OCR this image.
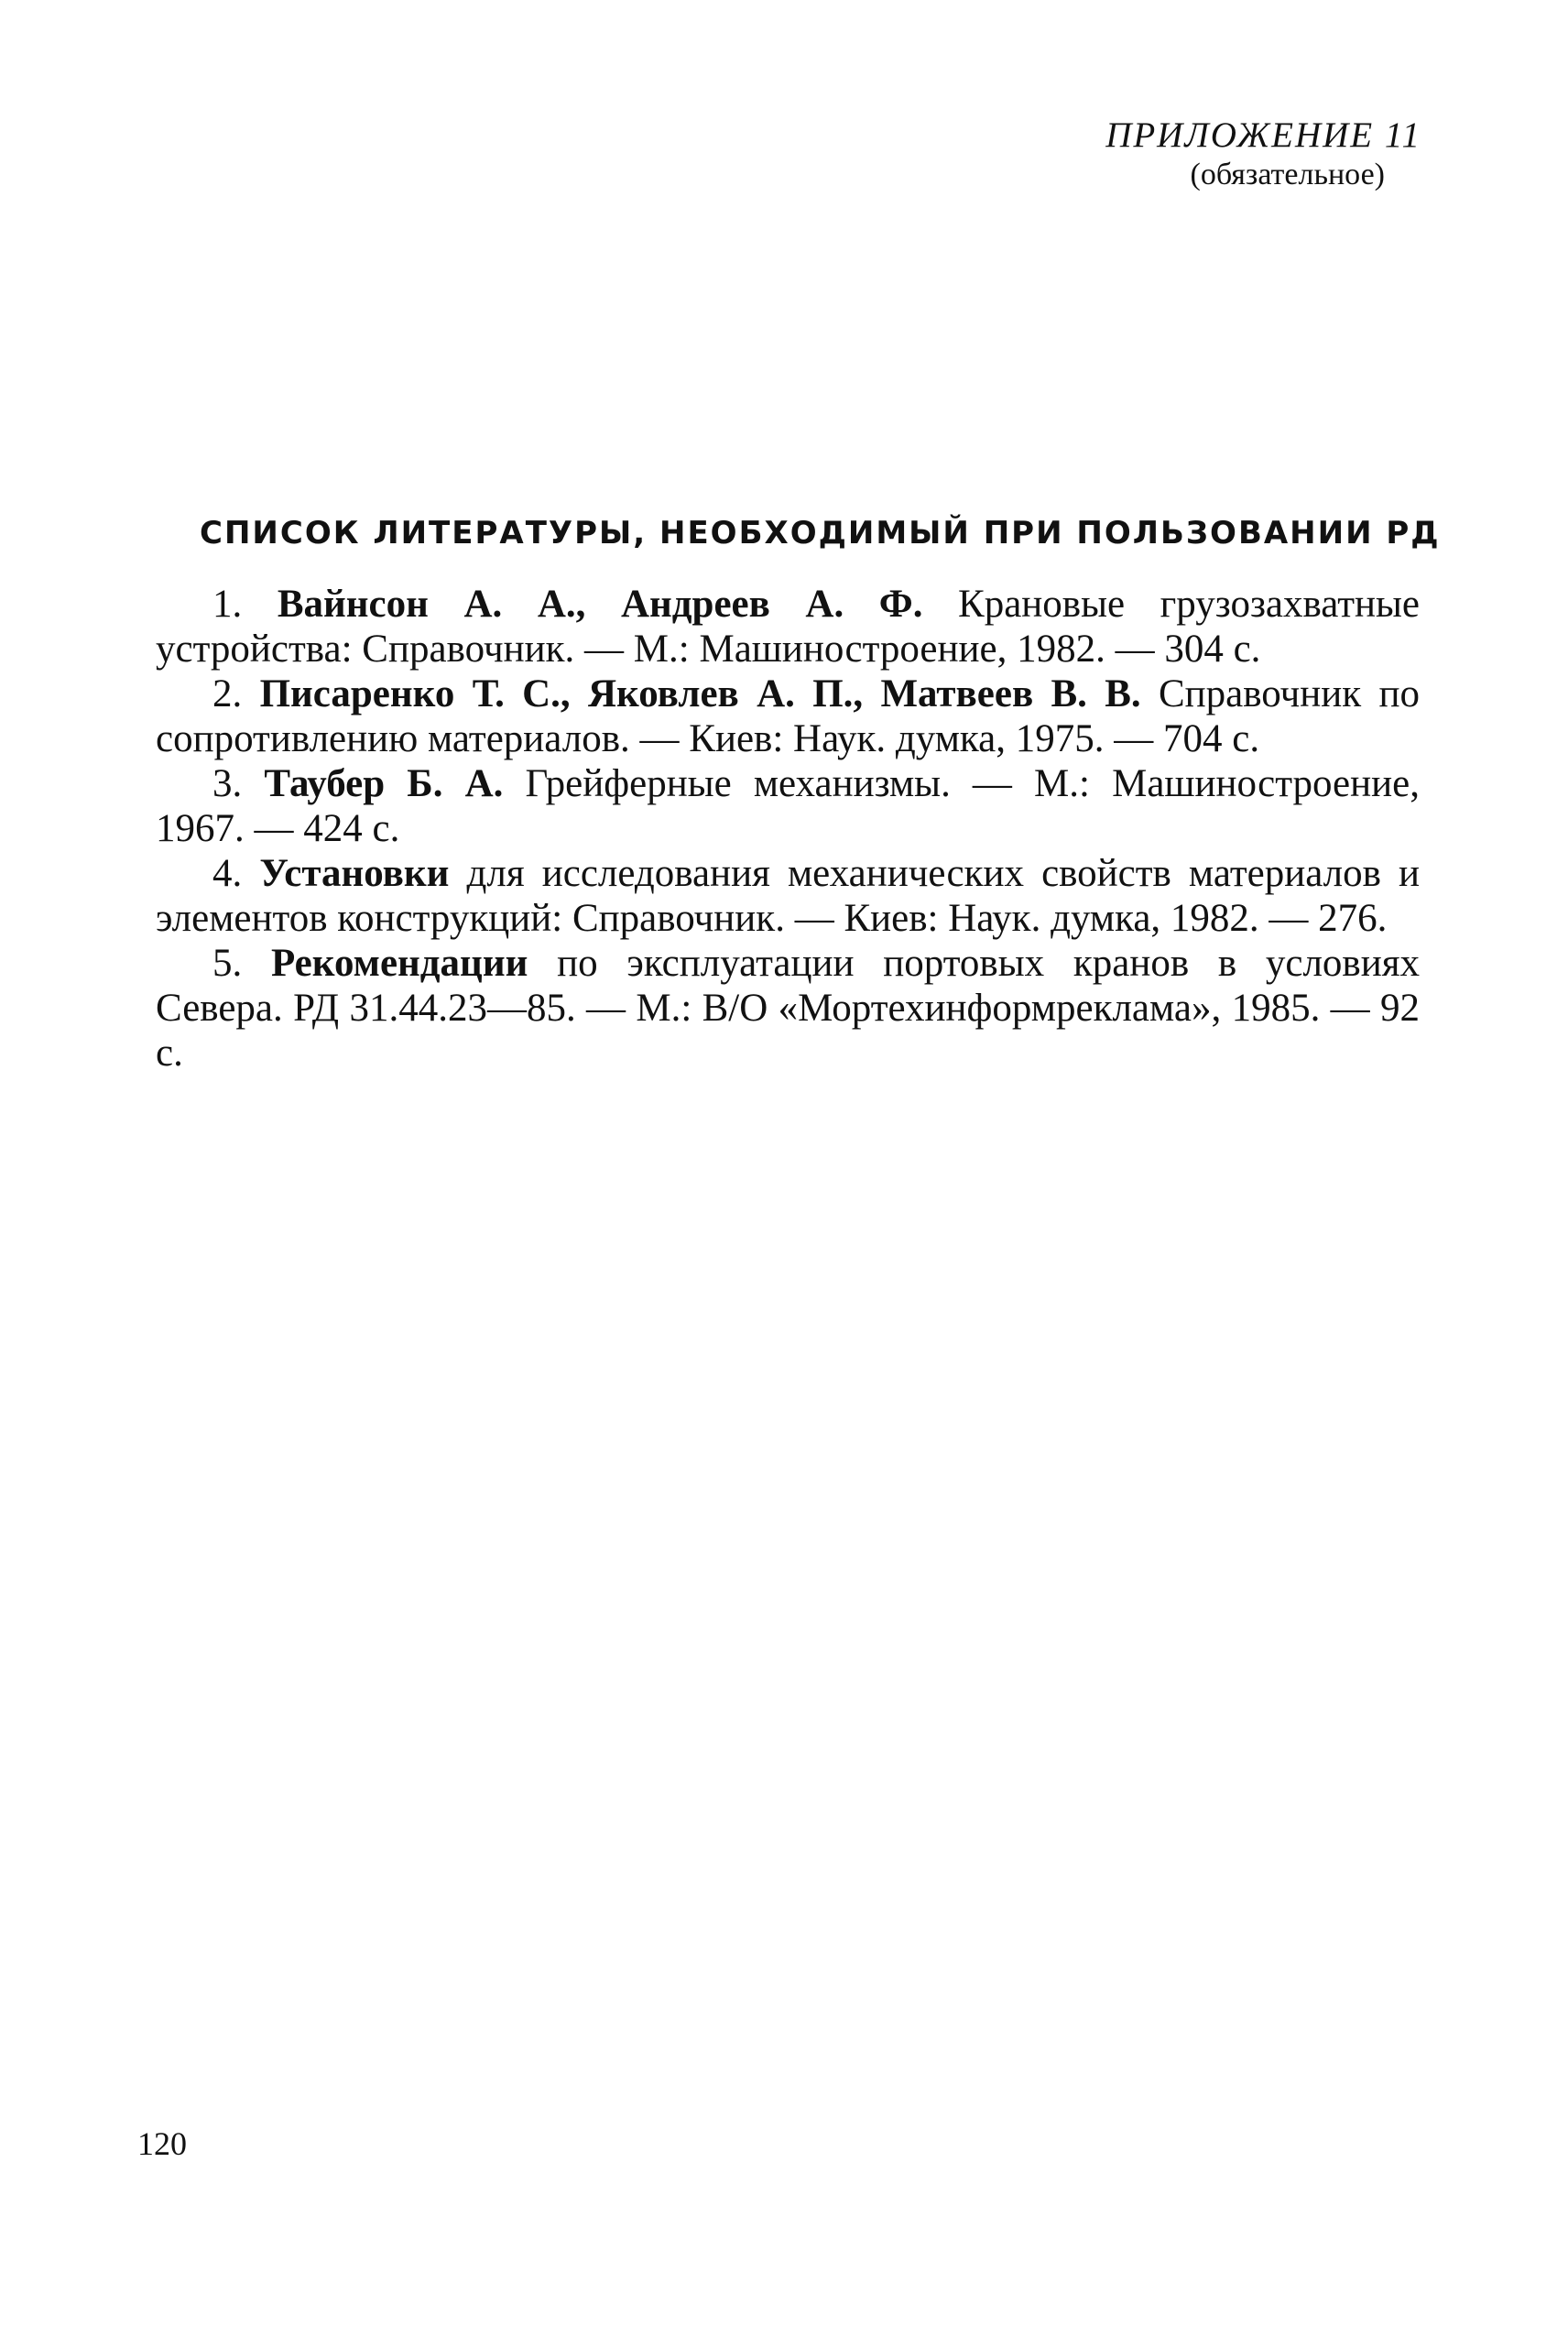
ПРИЛОЖЕНИЕ 11
(обязательное)
СПИСОК ЛИТЕРАТУРЫ, НЕОБХОДИМЫЙ ПРИ ПОЛЬЗОВАНИИ РД

1. Вайнсон А. А., Андреев А. Ф. Крановые грузозахватные устройства: Справочник. — М.: Машиностроение, 1982. — 304 с.

2. Писаренко Т. С., Яковлев А. П., Матвеев В. В. Справочник по сопротивлению материалов. — Киев: Наук. думка, 1975. — 704 с.

3. Таубер Б. А. Грейферные механизмы. — М.: Машиностроение, 1967. — 424 с.

4. Установки для исследования механических свойств материалов и элементов конструкций: Справочник. — Киев: Наук. думка, 1982. — 276.

5. Рекомендации по эксплуатации портовых кранов в условиях Севера. РД 31.44.23—85. — М.: В/О «Мортехинформреклама», 1985. — 92 с.

120
